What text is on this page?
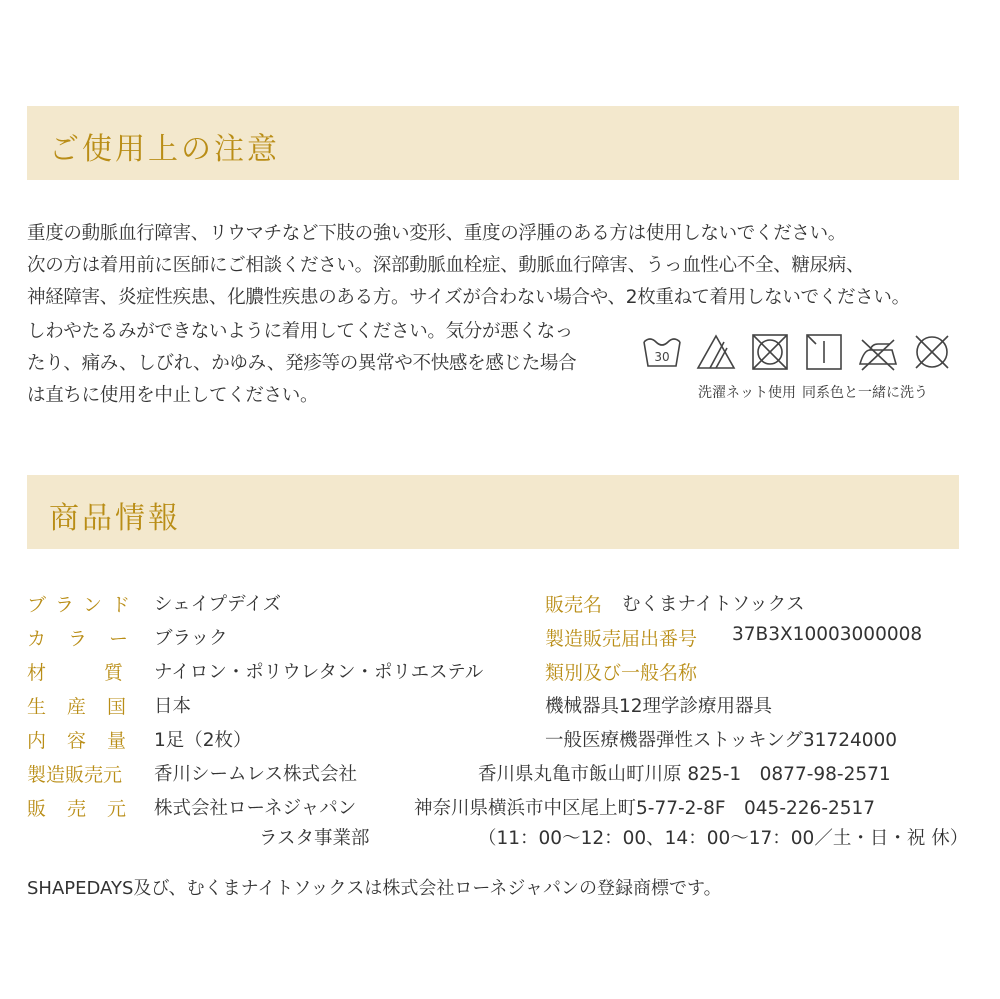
ご使用上の注意
重度の動脈血行障害、リウマチなど下肢の強い変形、重度の浮腫のある方は使用しないでください。
次の方は着用前に医師にご相談ください。深部動脈血栓症、動脈血行障害、うっ血性心不全、糖尿病、
神経障害、炎症性疾患、化膿性疾患のある方。サイズが合わない場合や、2枚重ねて着用しないでください。
しわやたるみができないように着用してください。気分が悪くなっ
たり、痛み、しびれ、かゆみ、発疹等の異常や不快感を感じた場合
は直ちに使用を中止してください。
30
洗濯ネット使用 同系色と一緒に洗う
商品情報
ブランド
カラー
材質
生産国
内容量
製造販売元
販売元
シェイプデイズ
ブラック
ナイロン・ポリウレタン・ポリエステル
日本
1足（2枚）
香川シームレス株式会社
株式会社ローネジャパン
ラスタ事業部
販売名 むくまナイトソックス
製造販売届出番号 37B3X10003000008
類別及び一般名称
機械器具12理学診療用器具
一般医療機器弾性ストッキング31724000
香川県丸亀市飯山町川原 825-1　0877-98-2571
神奈川県横浜市中区尾上町5-77-2-8F　045-226-2517
（11：00～12：00、14：00～17：00／土・日・祝 休）
SHAPEDAYS及び、むくまナイトソックスは株式会社ローネジャパンの登録商標です。
